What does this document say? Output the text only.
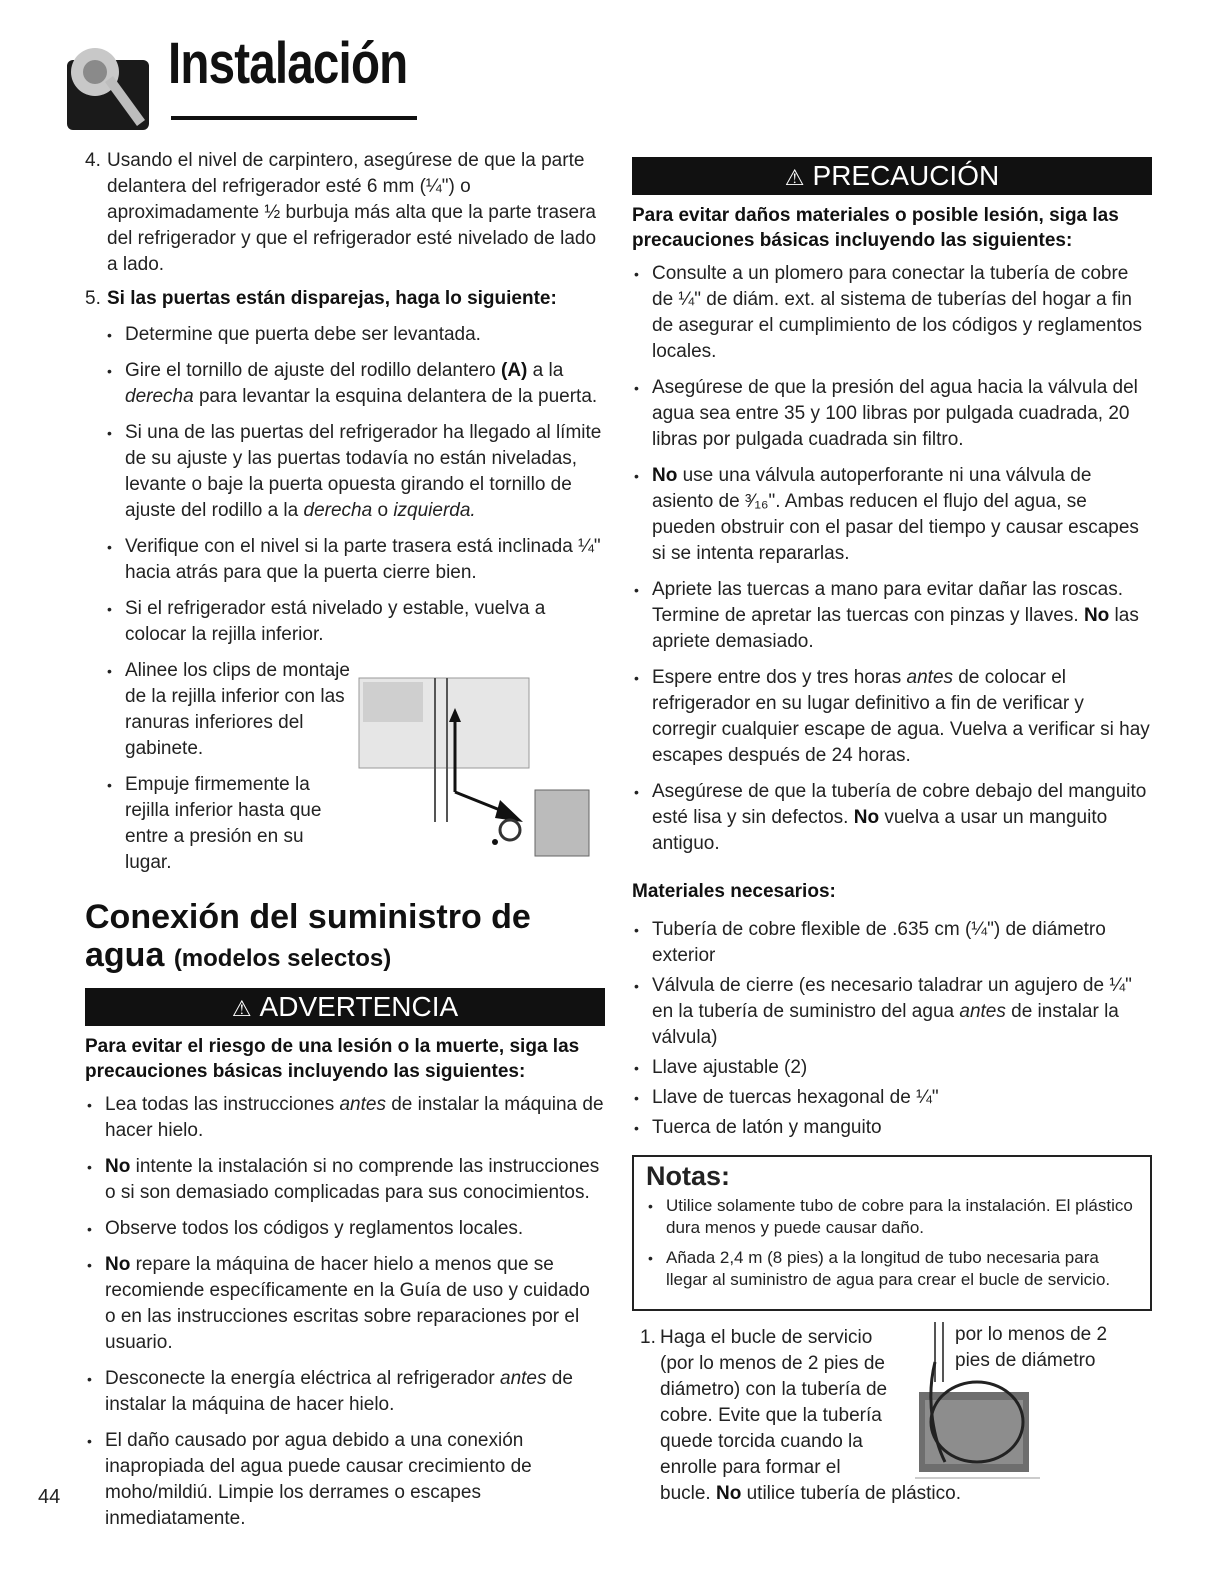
Instalación
4. Usando el nivel de carpintero, asegúrese de que la parte delantera del refrigerador esté 6 mm (¼") o aproximadamente ½ burbuja más alta que la parte trasera del refrigerador y que el refrigerador esté nivelado de lado a lado.
5. Si las puertas están disparejas, haga lo siguiente:
• Determine que puerta debe ser levantada.
• Gire el tornillo de ajuste del rodillo delantero (A) a la derecha para levantar la esquina delantera de la puerta.
• Si una de las puertas del refrigerador ha llegado al límite de su ajuste y las puertas todavía no están niveladas, levante o baje la puerta opuesta girando el tornillo de ajuste del rodillo a la derecha o izquierda.
• Verifique con el nivel si la parte trasera está inclinada ¼" hacia atrás para que la puerta cierre bien.
• Si el refrigerador está nivelado y estable, vuelva a colocar la rejilla inferior.
• Alinee los clips de montaje de la rejilla inferior con las ranuras inferiores del gabinete.
• Empuje firmemente la rejilla inferior hasta que entre a presión en su lugar.
Conexión del suministro de agua (modelos selectos)
⚠ ADVERTENCIA
Para evitar el riesgo de una lesión o la muerte, siga las precauciones básicas incluyendo las siguientes:
• Lea todas las instrucciones antes de instalar la máquina de hacer hielo.
• No intente la instalación si no comprende las instrucciones o si son demasiado complicadas para sus conocimientos.
• Observe todos los códigos y reglamentos locales.
• No repare la máquina de hacer hielo a menos que se recomiende específicamente en la Guía de uso y cuidado o en las instrucciones escritas sobre reparaciones por el usuario.
• Desconecte la energía eléctrica al refrigerador antes de instalar la máquina de hacer hielo.
• El daño causado por agua debido a una conexión inapropiada del agua puede causar crecimiento de moho/mildiú. Limpie los derrames o escapes inmediatamente.
⚠ PRECAUCIÓN
Para evitar daños materiales o posible lesión, siga las precauciones básicas incluyendo las siguientes:
• Consulte a un plomero para conectar la tubería de cobre de ¼" de diám. ext. al sistema de tuberías del hogar a fin de asegurar el cumplimiento de los códigos y reglamentos locales.
• Asegúrese de que la presión del agua hacia la válvula del agua sea entre 35 y 100 libras por pulgada cuadrada, 20 libras por pulgada cuadrada sin filtro.
• No use una válvula autoperforante ni una válvula de asiento de ³⁄₁₆". Ambas reducen el flujo del agua, se pueden obstruir con el pasar del tiempo y causar escapes si se intenta repararlas.
• Apriete las tuercas a mano para evitar dañar las roscas. Termine de apretar las tuercas con pinzas y llaves. No las apriete demasiado.
• Espere entre dos y tres horas antes de colocar el refrigerador en su lugar definitivo a fin de verificar y corregir cualquier escape de agua. Vuelva a verificar si hay escapes después de 24 horas.
• Asegúrese de que la tubería de cobre debajo del manguito esté lisa y sin defectos. No vuelva a usar un manguito antiguo.
Materiales necesarios:
• Tubería de cobre flexible de .635 cm (¼") de diámetro exterior
• Válvula de cierre (es necesario taladrar un agujero de ¼" en la tubería de suministro del agua antes de instalar la válvula)
• Llave ajustable (2)
• Llave de tuercas hexagonal de ¼"
• Tuerca de latón y manguito
Notas:
• Utilice solamente tubo de cobre para la instalación. El plástico dura menos y puede causar daño.
• Añada 2,4 m (8 pies) a la longitud de tubo necesaria para llegar al suministro de agua para crear el bucle de servicio.
1. Haga el bucle de servicio (por lo menos de 2 pies de diámetro) con la tubería de cobre. Evite que la tubería quede torcida cuando la enrolle para formar el
bucle. No utilice tubería de plástico.
por lo menos de 2 pies de diámetro
44
